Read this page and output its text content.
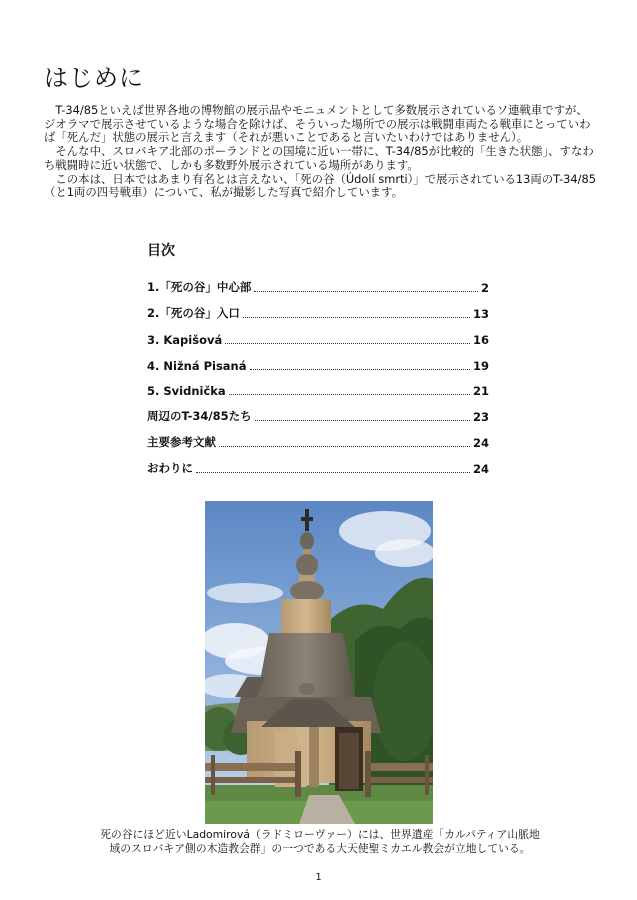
はじめに

T-34/85といえば世界各地の博物館の展示品やモニュメントとして多数展示されているソ連戦車ですが、ジオラマで展示させているような場合を除けば、そういった場所での展示は戦闘車両たる戦車にとっていわば「死んだ」状態の展示と言えます（それが悪いことであると言いたいわけではありません）。

そんな中、スロバキア北部のポーランドとの国境に近い一帯に、T-34/85が比較的「生きた状態」、すなわち戦闘時に近い状態で、しかも多数野外展示されている場所があります。

この本は、日本ではあまり有名とは言えない、「死の谷（Údolí smrti）」で展示されている13両のT-34/85（と1両の四号戦車）について、私が撮影した写真で紹介しています。

目次
1.「死の谷」中心部	2
2.「死の谷」入口	13
3. Kapišová	16
4. Nižná Pisaná	19
5. Svidnička	21
周辺のT-34/85たち	23
主要参考文献	24
おわりに	24
死の谷にほど近いLadomirová（ラドミローヴァー）には、世界遺産「カルパティア山脈地
域のスロバキア側の木造教会群」の一つである大天使聖ミカエル教会が立地している。
1
